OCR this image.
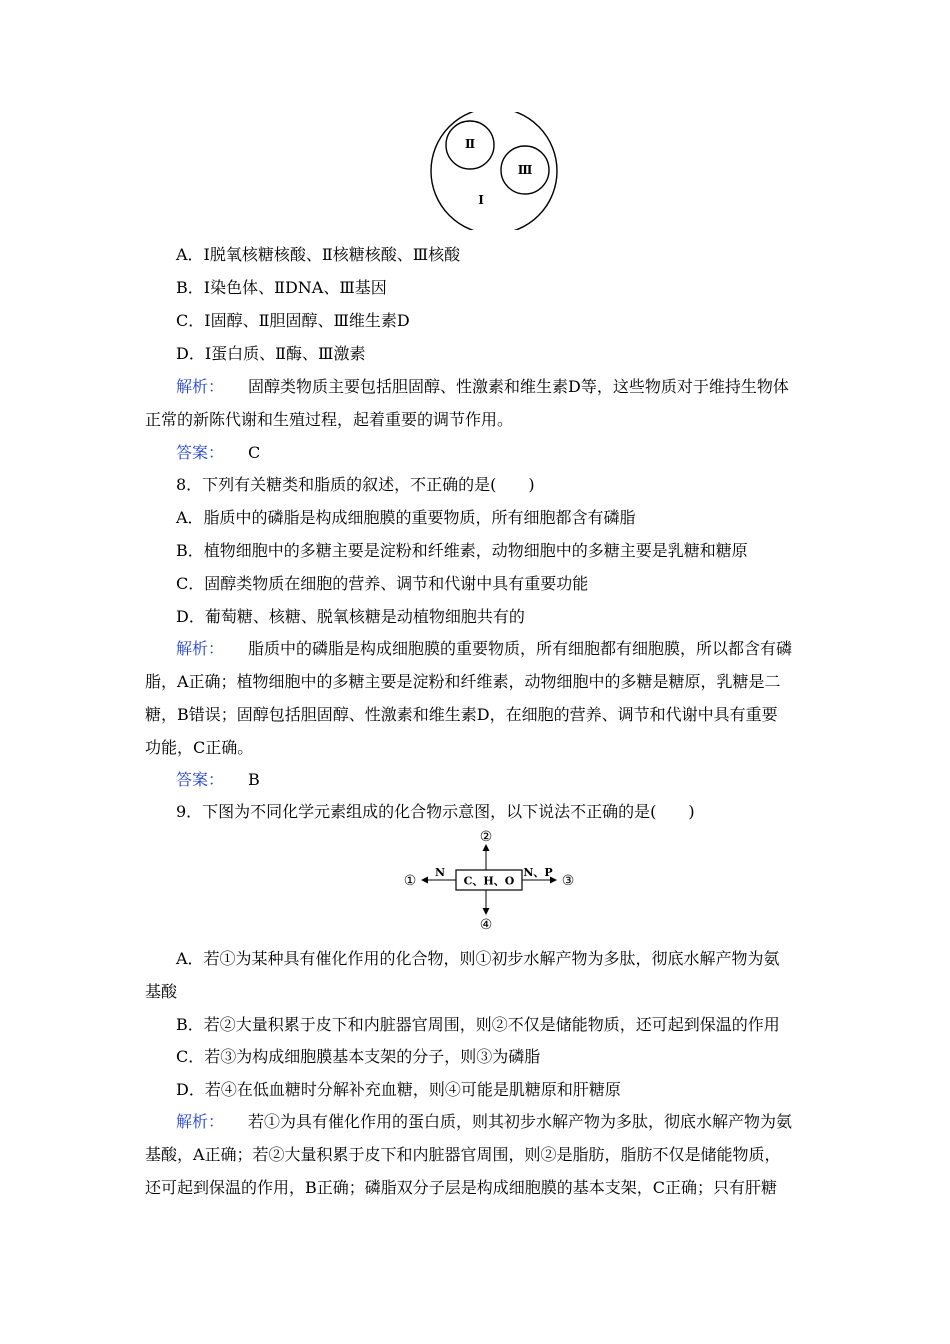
Ⅱ
Ⅲ
Ⅰ
A．Ⅰ脱氧核糖核酸、Ⅱ核糖核酸、Ⅲ核酸
B．Ⅰ染色体、ⅡDNA、Ⅲ基因
C．Ⅰ固醇、Ⅱ胆固醇、Ⅲ维生素D
D．Ⅰ蛋白质、Ⅱ酶、Ⅲ激素
解析： 固醇类物质主要包括胆固醇、性激素和维生素D等，这些物质对于维持生物体
正常的新陈代谢和生殖过程，起着重要的调节作用。
答案： C
8．下列有关糖类和脂质的叙述，不正确的是(　　)
A．脂质中的磷脂是构成细胞膜的重要物质，所有细胞都含有磷脂
B．植物细胞中的多糖主要是淀粉和纤维素，动物细胞中的多糖主要是乳糖和糖原
C．固醇类物质在细胞的营养、调节和代谢中具有重要功能
D．葡萄糖、核糖、脱氧核糖是动植物细胞共有的
解析： 脂质中的磷脂是构成细胞膜的重要物质，所有细胞都有细胞膜，所以都含有磷
脂，A正确；植物细胞中的多糖主要是淀粉和纤维素，动物细胞中的多糖是糖原，乳糖是二
糖，B错误；固醇包括胆固醇、性激素和维生素D，在细胞的营养、调节和代谢中具有重要
功能，C正确。
答案： B
9．下图为不同化学元素组成的化合物示意图，以下说法不正确的是(　　)
C、H、O
N	N、P
②
①	③
④
A．若①为某种具有催化作用的化合物，则①初步水解产物为多肽，彻底水解产物为氨
基酸
B．若②大量积累于皮下和内脏器官周围，则②不仅是储能物质，还可起到保温的作用
C．若③为构成细胞膜基本支架的分子，则③为磷脂
D．若④在低血糖时分解补充血糖，则④可能是肌糖原和肝糖原
解析： 若①为具有催化作用的蛋白质，则其初步水解产物为多肽，彻底水解产物为氨
基酸，A正确；若②大量积累于皮下和内脏器官周围，则②是脂肪，脂肪不仅是储能物质，
还可起到保温的作用，B正确；磷脂双分子层是构成细胞膜的基本支架，C正确；只有肝糖
